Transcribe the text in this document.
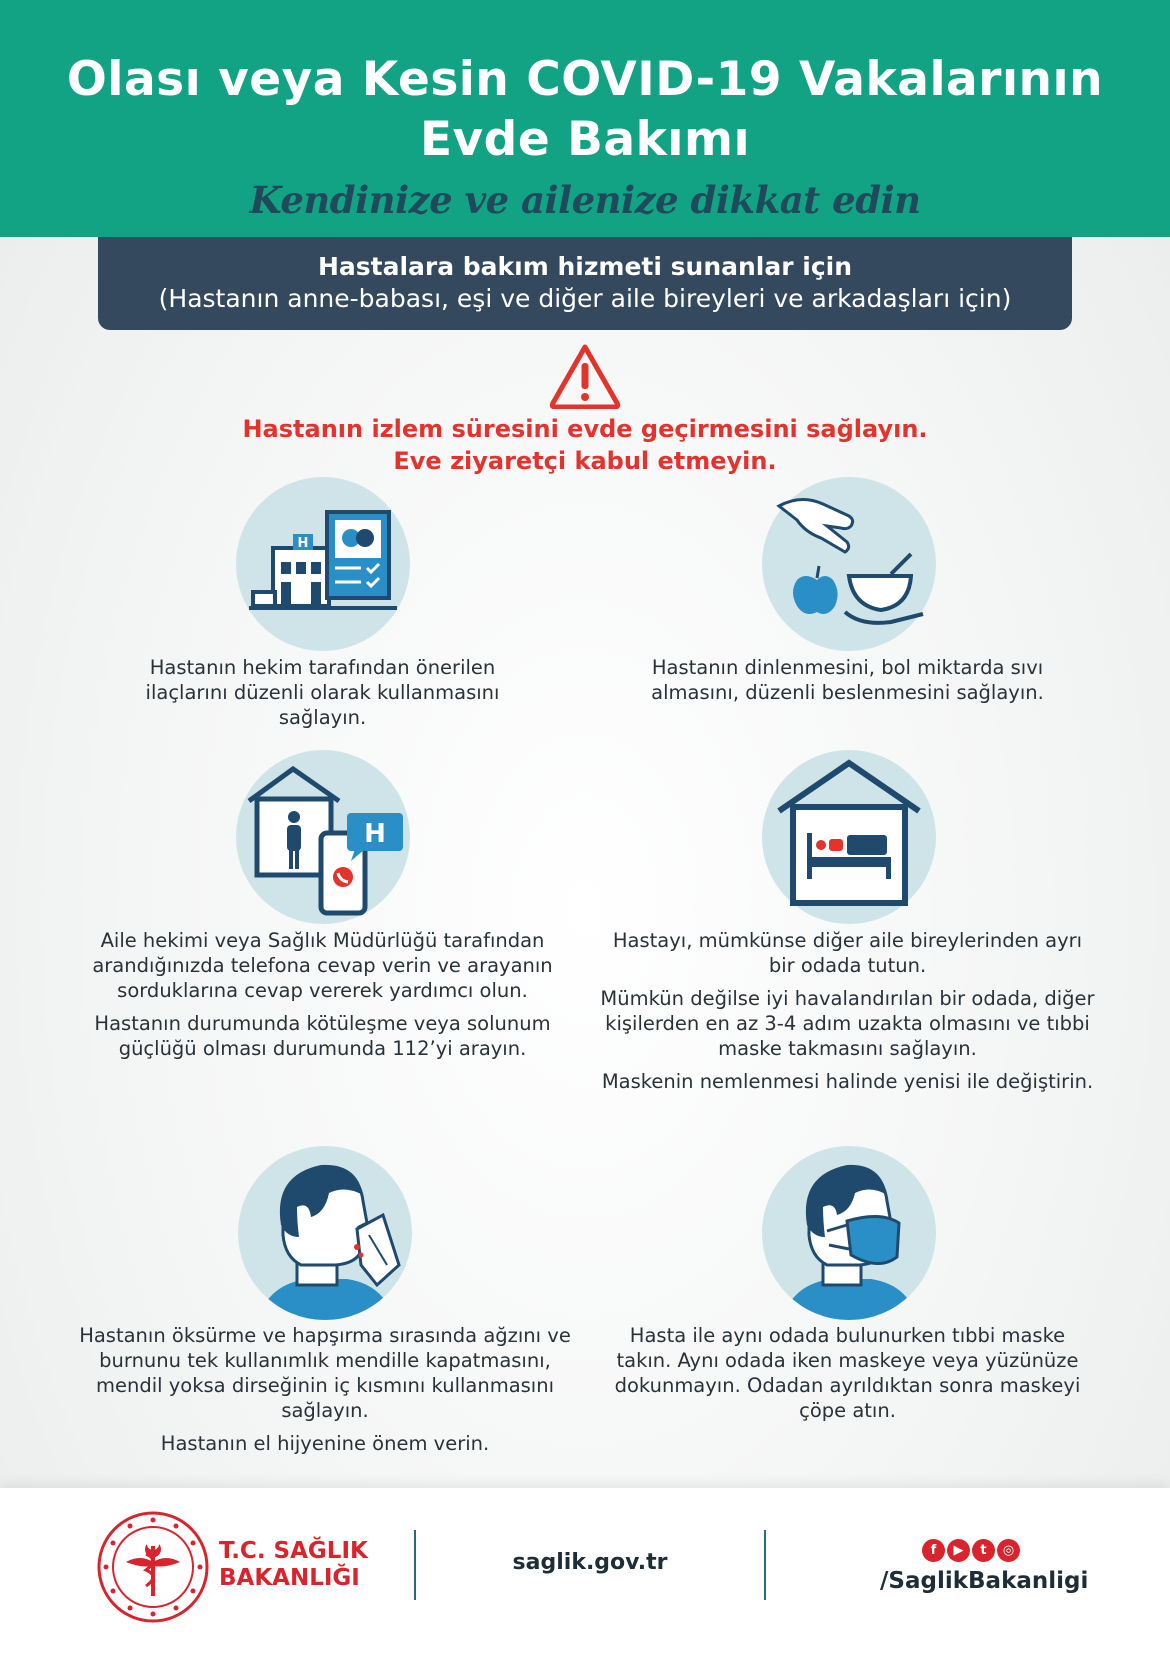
Olası veya Kesin COVID-19 Vakalarının
Evde Bakımı
Kendinize ve ailenize dikkat edin
Hastalara bakım hizmeti sunanlar için
(Hastanın anne-babası, eşi ve diğer aile bireyleri ve arkadaşları için)
Hastanın izlem süresini evde geçirmesini sağlayın.
Eve ziyaretçi kabul etmeyin.
H

Hastanın hekim tarafından önerilen ilaçlarını düzenli olarak kullanmasını sağlayın.

Hastanın dinlenmesini, bol miktarda sıvı almasını, düzenli beslenmesini sağlayın.

H

Aile hekimi veya Sağlık Müdürlüğü tarafından arandığınızda telefona cevap verin ve arayanın sorduklarına cevap vererek yardımcı olun.

Hastanın durumunda kötüleşme veya solunum güçlüğü olması durumunda 112’yi arayın.

Hastayı, mümkünse diğer aile bireylerinden ayrı bir odada tutun.

Mümkün değilse iyi havalandırılan bir odada, diğer kişilerden en az 3-4 adım uzakta olmasını ve tıbbi maske takmasını sağlayın.

Maskenin nemlenmesi halinde yenisi ile değiştirin.

Hastanın öksürme ve hapşırma sırasında ağzını ve burnunu tek kullanımlık mendille kapatmasını, mendil yoksa dirseğinin iç kısmını kullanmasını sağlayın.

Hastanın el hijyenine önem verin.

Hasta ile aynı odada bulunurken tıbbi maske takın. Aynı odada iken maskeye veya yüzünüze dokunmayın. Odadan ayrıldıktan sonra maskeyi çöpe atın.

T.C. SAĞLIK
BAKANLIĞI
saglik.gov.tr	f ▶ t ◎
/SaglikBakanligi
